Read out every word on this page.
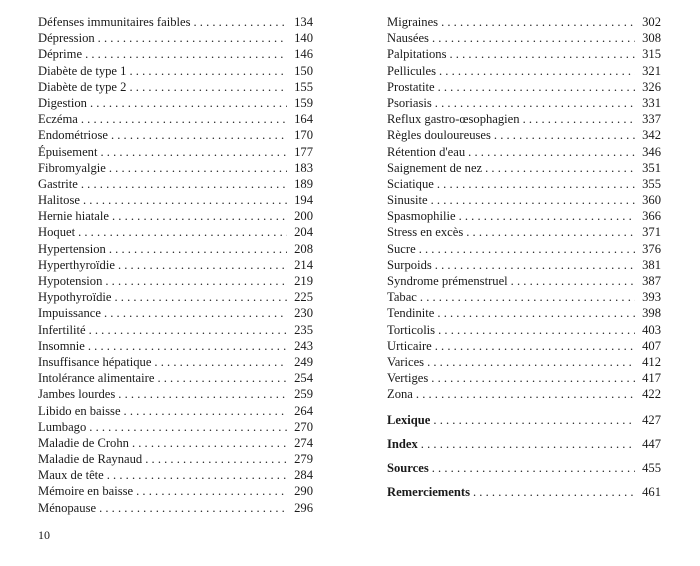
Défenses immunitaires faibles . . .	134
Dépression . . .	140
Déprime . . .	146
Diabète de type 1 . . .	150
Diabète de type 2 . . .	155
Digestion . . .	159
Eczéma . . .	164
Endométriose . . .	170
Épuisement . . .	177
Fibromyalgie . . .	183
Gastrite . . .	189
Halitose . . .	194
Hernie hiatale . . .	200
Hoquet . . .	204
Hypertension . . .	208
Hyperthyroïdie . . .	214
Hypotension . . .	219
Hypothyroïdie . . .	225
Impuissance . . .	230
Infertilité . . .	235
Insomnie . . .	243
Insuffisance hépatique . . .	249
Intolérance alimentaire . . .	254
Jambes lourdes . . .	259
Libido en baisse . . .	264
Lumbago . . .	270
Maladie de Crohn . . .	274
Maladie de Raynaud . . .	279
Maux de tête . . .	284
Mémoire en baisse . . .	290
Ménopause . . .	296
Migraines . . .	302
Nausées . . .	308
Palpitations . . .	315
Pellicules . . .	321
Prostatite . . .	326
Psoriasis . . .	331
Reflux gastro-œsophagien . . .	337
Règles douloureuses . . .	342
Rétention d'eau . . .	346
Saignement de nez . . .	351
Sciatique . . .	355
Sinusite . . .	360
Spasmophilie . . .	366
Stress en excès . . .	371
Sucre . . .	376
Surpoids . . .	381
Syndrome prémenstruel . . .	387
Tabac . . .	393
Tendinite . . .	398
Torticolis . . .	403
Urticaire . . .	407
Varices . . .	412
Vertiges . . .	417
Zona . . .	422
Lexique . . .	427
Index . . .	447
Sources . . .	455
Remerciements . . .	461
10
